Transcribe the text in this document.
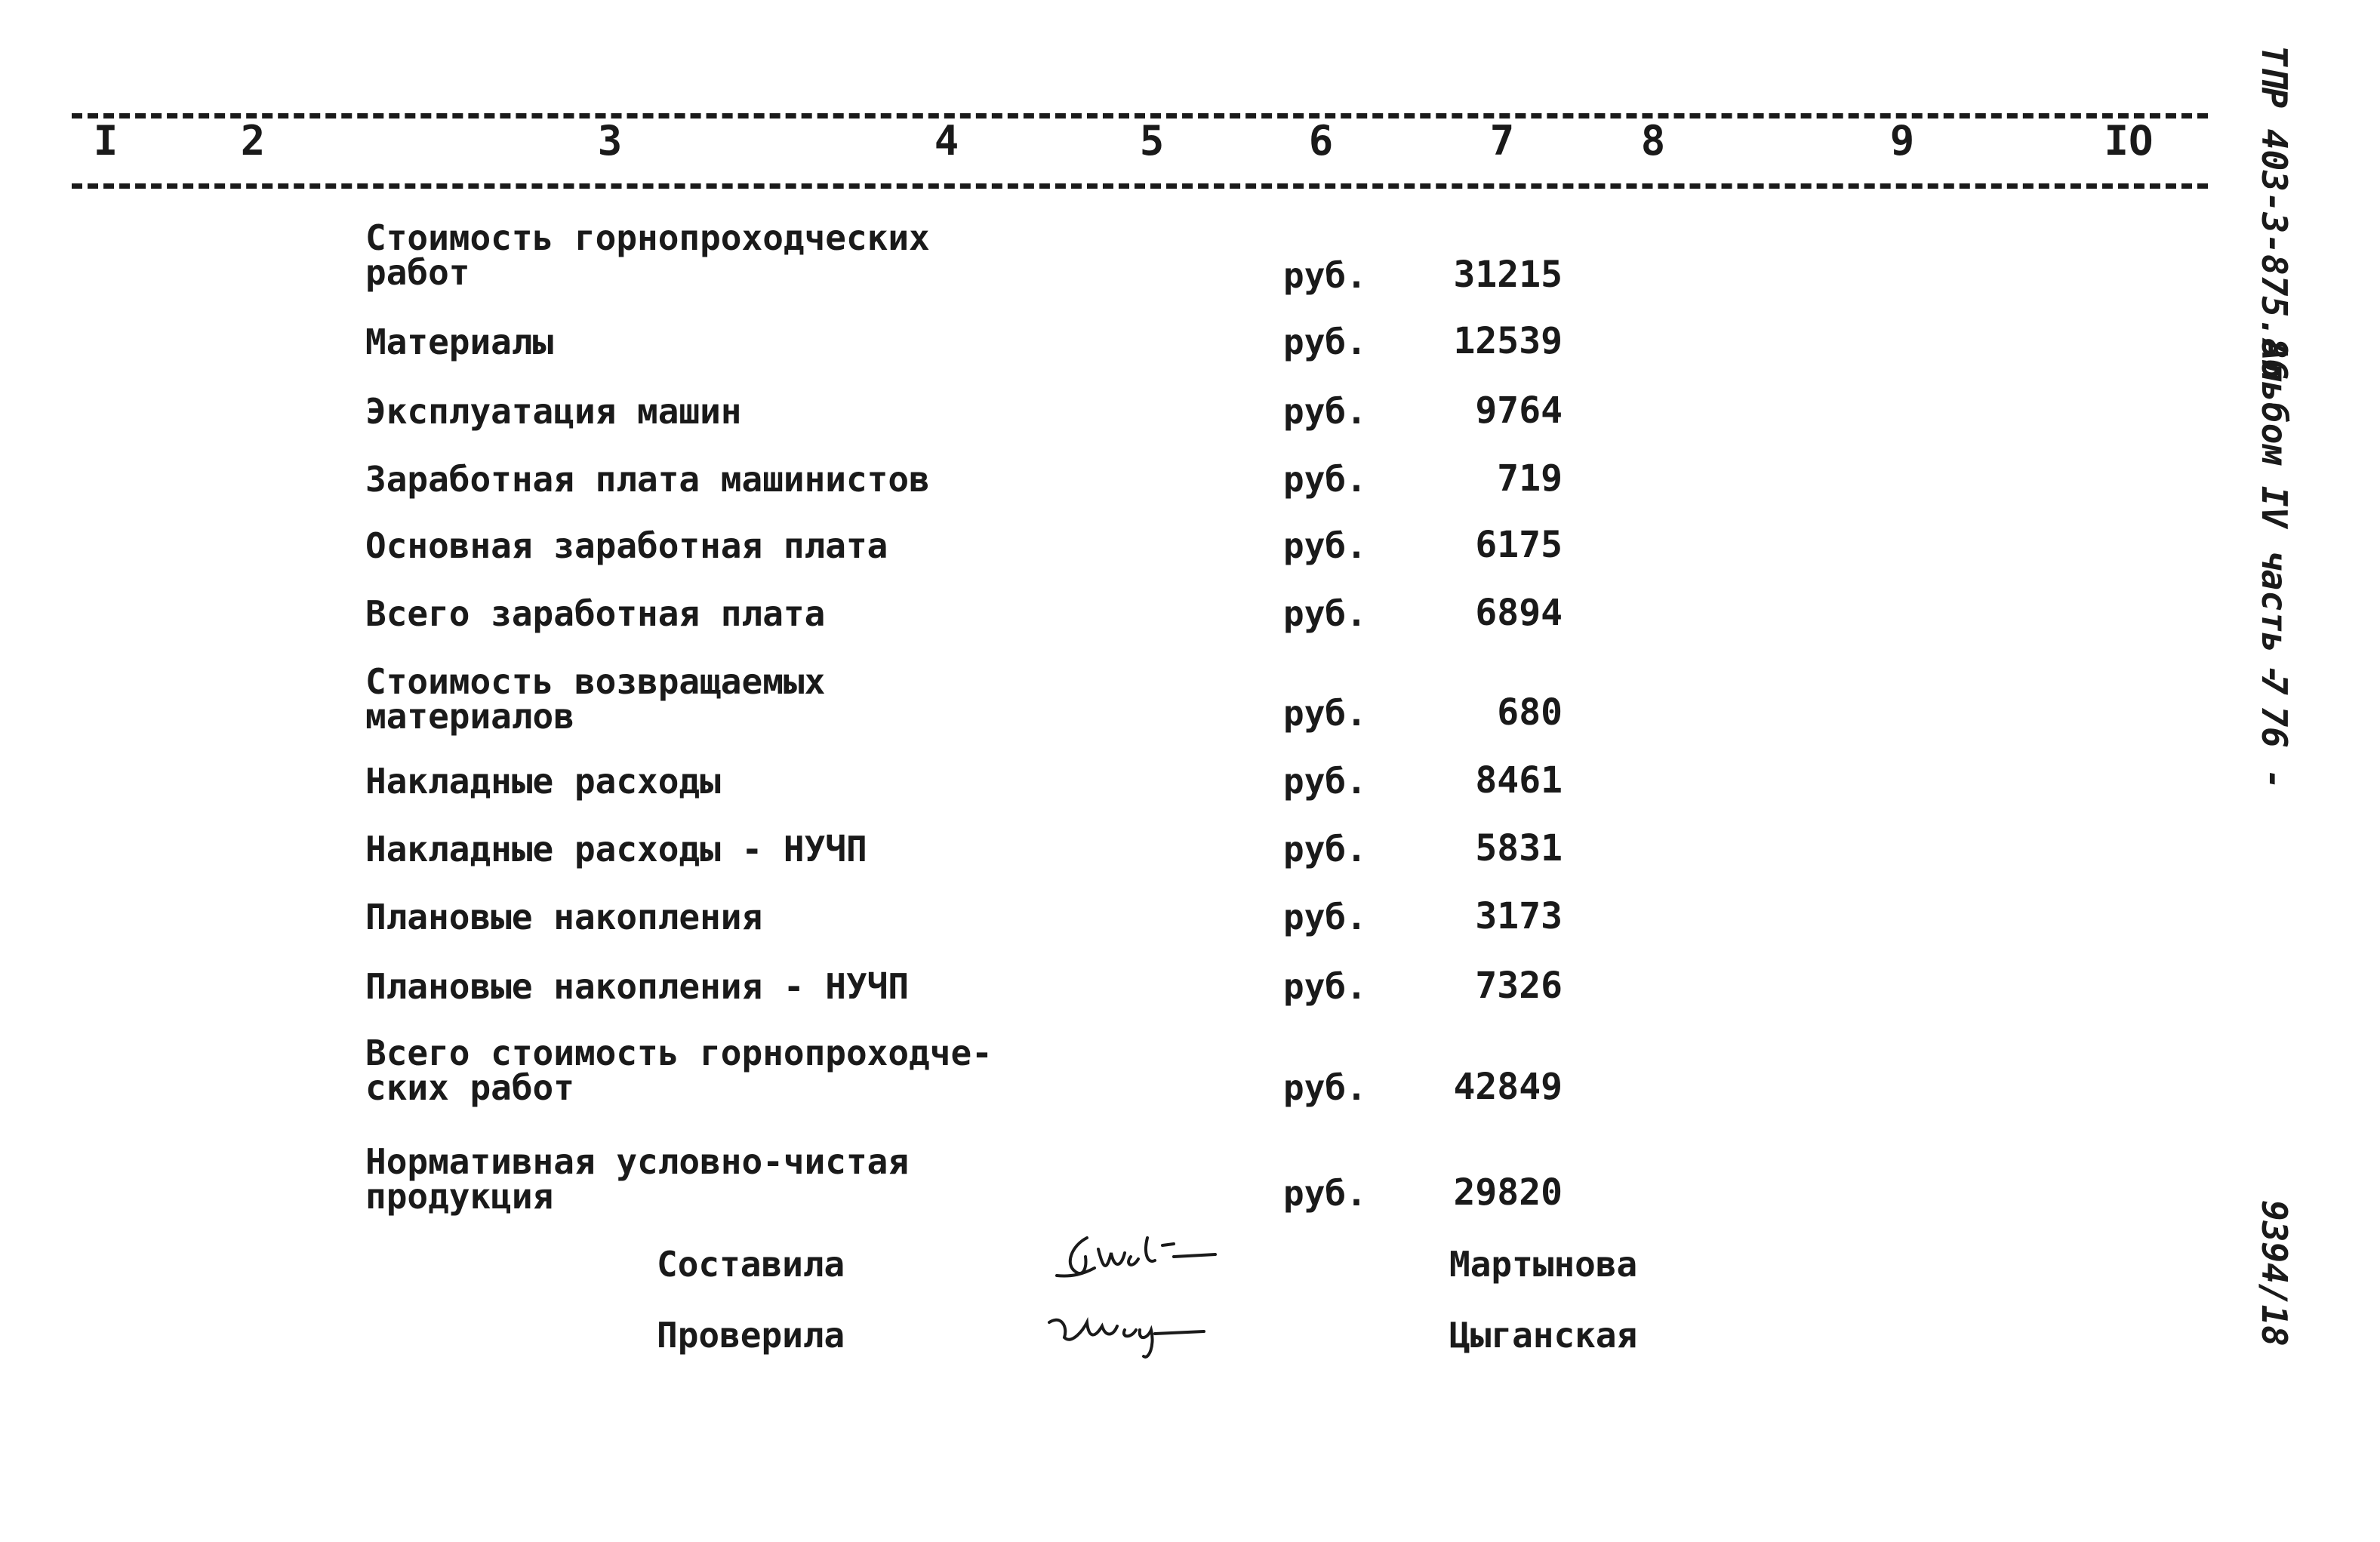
I	2	3	4	5	6	7	8	9	IO
Стоимость горнопроходческих
работ	руб.	31215
Материалы	руб.	12539
Эксплуатация машин	руб.	9764
Заработная плата машинистов	руб.	719
Основная заработная плата	руб.	6175
Всего заработная плата	руб.	6894
Стоимость возвращаемых
материалов	руб.	680
Накладные расходы	руб.	8461
Накладные расходы - НУЧП	руб.	5831
Плановые накопления	руб.	3173
Плановые накопления - НУЧП	руб.	7326
Всего стоимость горнопроходче-
ских работ	руб.	42849
Нормативная условно-чистая
продукция	руб.	29820
Составила	Мартынова
Проверила	Цыганская
ТПР 403-3-875.86
Альбом IV часть 7
- 76 -
9394/18
